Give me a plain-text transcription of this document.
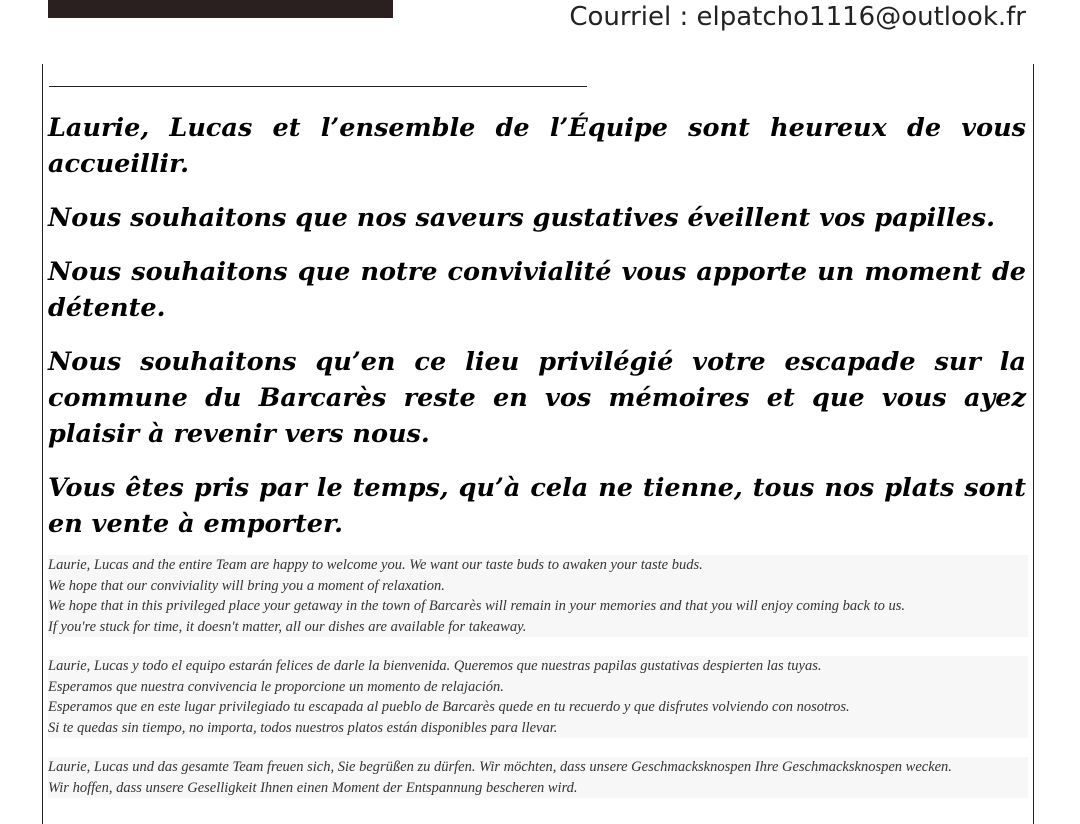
Courriel : elpatcho1116@outlook.fr

Laurie, Lucas et l’ensemble de l’Équipe sont heureux de vous accueillir.

Nous souhaitons que nos saveurs gustatives éveillent vos papilles.

Nous souhaitons que notre convivialité vous apporte un moment de détente.

Nous souhaitons qu’en ce lieu privilégié votre escapade sur la commune du Barcarès reste en vos mémoires et que vous ayez plaisir à revenir vers nous.

Vous êtes pris par le temps, qu’à cela ne tienne, tous nos plats sont en vente à emporter.

Laurie, Lucas and the entire Team are happy to welcome you. We want our taste buds to awaken your taste buds.
We hope that our conviviality will bring you a moment of relaxation.
We hope that in this privileged place your getaway in the town of Barcarès will remain in your memories and that you will enjoy coming back to us.
If you're stuck for time, it doesn't matter, all our dishes are available for takeaway.
Laurie, Lucas y todo el equipo estarán felices de darle la bienvenida. Queremos que nuestras papilas gustativas despierten las tuyas.
Esperamos que nuestra convivencia le proporcione un momento de relajación.
Esperamos que en este lugar privilegiado tu escapada al pueblo de Barcarès quede en tu recuerdo y que disfrutes volviendo con nosotros.
Si te quedas sin tiempo, no importa, todos nuestros platos están disponibles para llevar.
Laurie, Lucas und das gesamte Team freuen sich, Sie begrüßen zu dürfen. Wir möchten, dass unsere Geschmacksknospen Ihre Geschmacksknospen wecken.
Wir hoffen, dass unsere Geselligkeit Ihnen einen Moment der Entspannung bescheren wird.
